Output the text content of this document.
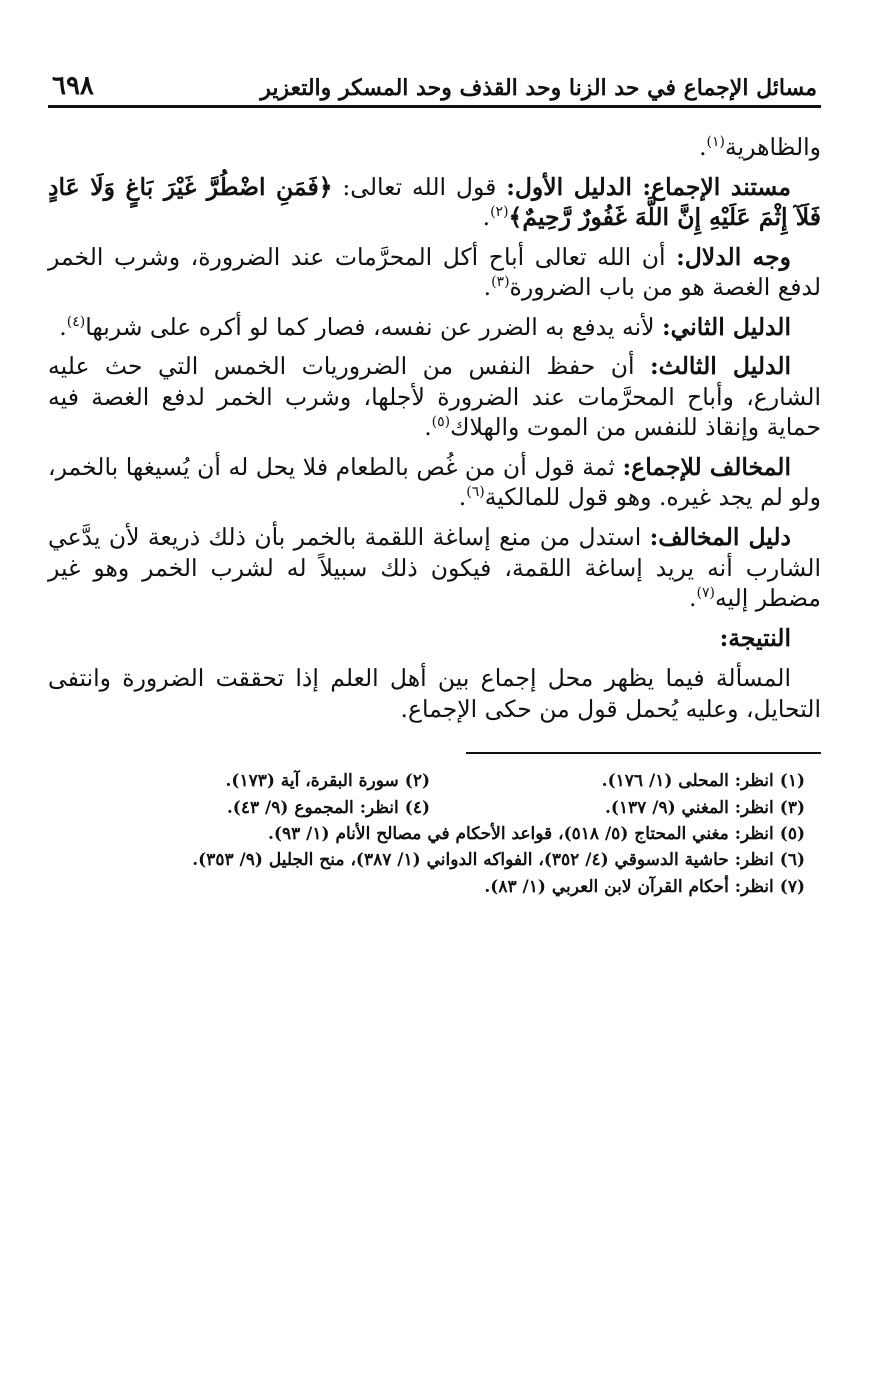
مسائل الإجماع في حد الزنا وحد القذف وحد المسكر والتعزير
٦٩٨

والظاهرية$^{(١)}$.

مستند الإجماع: الدليل الأول: قول الله تعالى: ﴿فَمَنِ اضْطُرَّ غَيْرَ بَاغٍ وَلَا عَادٍ فَلَآ إِثْمَ عَلَيْهِ إِنَّ اللَّهَ غَفُورٌ رَّحِيمٌ﴾$^{(٢)}$.

وجه الدلال: أن الله تعالى أباح أكل المحرَّمات عند الضرورة، وشرب الخمر لدفع الغصة هو من باب الضرورة$^{(٣)}$.

الدليل الثاني: لأنه يدفع به الضرر عن نفسه، فصار كما لو أكره على شربها$^{(٤)}$.

الدليل الثالث: أن حفظ النفس من الضروريات الخمس التي حث عليه الشارع، وأباح المحرَّمات عند الضرورة لأجلها، وشرب الخمر لدفع الغصة فيه حماية وإنقاذ للنفس من الموت والهلاك$^{(٥)}$.

المخالف للإجماع: ثمة قول أن من غُص بالطعام فلا يحل له أن يُسيغها بالخمر، ولو لم يجد غيره. وهو قول للمالكية$^{(٦)}$.

دليل المخالف: استدل من منع إساغة اللقمة بالخمر بأن ذلك ذريعة لأن يدَّعي الشارب أنه يريد إساغة اللقمة، فيكون ذلك سبيلاً له لشرب الخمر وهو غير مضطر إليه$^{(٧)}$.

النتيجة:

المسألة فيما يظهر محل إجماع بين أهل العلم إذا تحققت الضرورة وانتفى التحايل، وعليه يُحمل قول من حكى الإجماع.

(١)انظر: المحلى (١/ ١٧٦).
(٢)سورة البقرة، آية (١٧٣).
(٣)انظر: المغني (٩/ ١٣٧).
(٤)انظر: المجموع (٩/ ٤٣).
(٥)انظر: مغني المحتاج (٥/ ٥١٨)، قواعد الأحكام في مصالح الأنام (١/ ٩٣).
(٦)انظر: حاشية الدسوقي (٤/ ٣٥٢)، الفواكه الدواني (١/ ٣٨٧)، منح الجليل (٩/ ٣٥٣).
(٧)انظر: أحكام القرآن لابن العربي (١/ ٨٣).
